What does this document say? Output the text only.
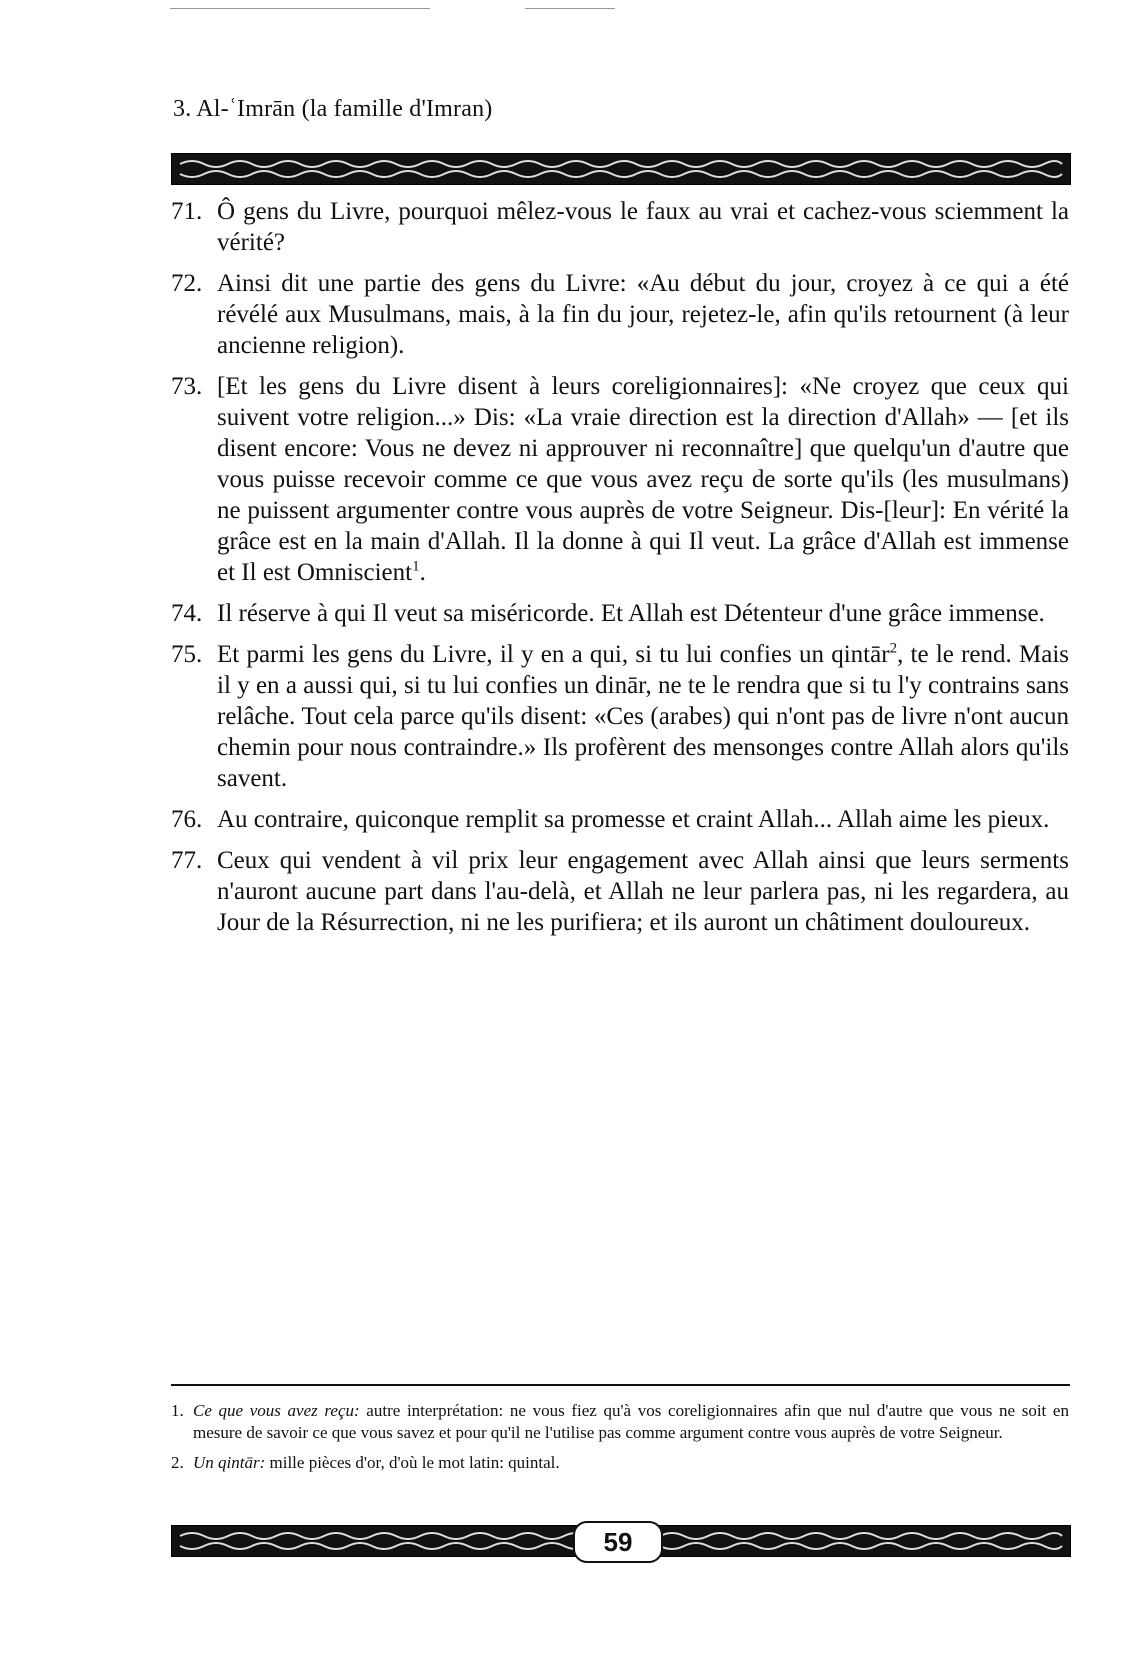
3. Al-ʿImrān (la famille d'Imran)
71. Ô gens du Livre, pourquoi mêlez-vous le faux au vrai et cachez-vous sciemment la vérité?
72. Ainsi dit une partie des gens du Livre: «Au début du jour, croyez à ce qui a été révélé aux Musulmans, mais, à la fin du jour, rejetez-le, afin qu'ils retournent (à leur ancienne religion).
73. [Et les gens du Livre disent à leurs coreligionnaires]: «Ne croyez que ceux qui suivent votre religion...» Dis: «La vraie direction est la direction d'Allah» — [et ils disent encore: Vous ne devez ni approuver ni reconnaître] que quelqu'un d'autre que vous puisse recevoir comme ce que vous avez reçu de sorte qu'ils (les musulmans) ne puissent argumenter contre vous auprès de votre Seigneur. Dis-[leur]: En vérité la grâce est en la main d'Allah. Il la donne à qui Il veut. La grâce d'Allah est immense et Il est Omniscient$^1$.
74. Il réserve à qui Il veut sa miséricorde. Et Allah est Détenteur d'une grâce immense.
75. Et parmi les gens du Livre, il y en a qui, si tu lui confies un qintār$^2$, te le rend. Mais il y en a aussi qui, si tu lui confies un dinār, ne te le rendra que si tu l'y contrains sans relâche. Tout cela parce qu'ils disent: «Ces (arabes) qui n'ont pas de livre n'ont aucun chemin pour nous contraindre.» Ils profèrent des mensonges contre Allah alors qu'ils savent.
76. Au contraire, quiconque remplit sa promesse et craint Allah... Allah aime les pieux.
77. Ceux qui vendent à vil prix leur engagement avec Allah ainsi que leurs serments n'auront aucune part dans l'au-delà, et Allah ne leur parlera pas, ni les regardera, au Jour de la Résurrection, ni ne les purifiera; et ils auront un châtiment douloureux.
1. Ce que vous avez reçu: autre interprétation: ne vous fiez qu'à vos coreligionnaires afin que nul d'autre que vous ne soit en mesure de savoir ce que vous savez et pour qu'il ne l'utilise pas comme argument contre vous auprès de votre Seigneur.
2. Un qintār: mille pièces d'or, d'où le mot latin: quintal.
59
